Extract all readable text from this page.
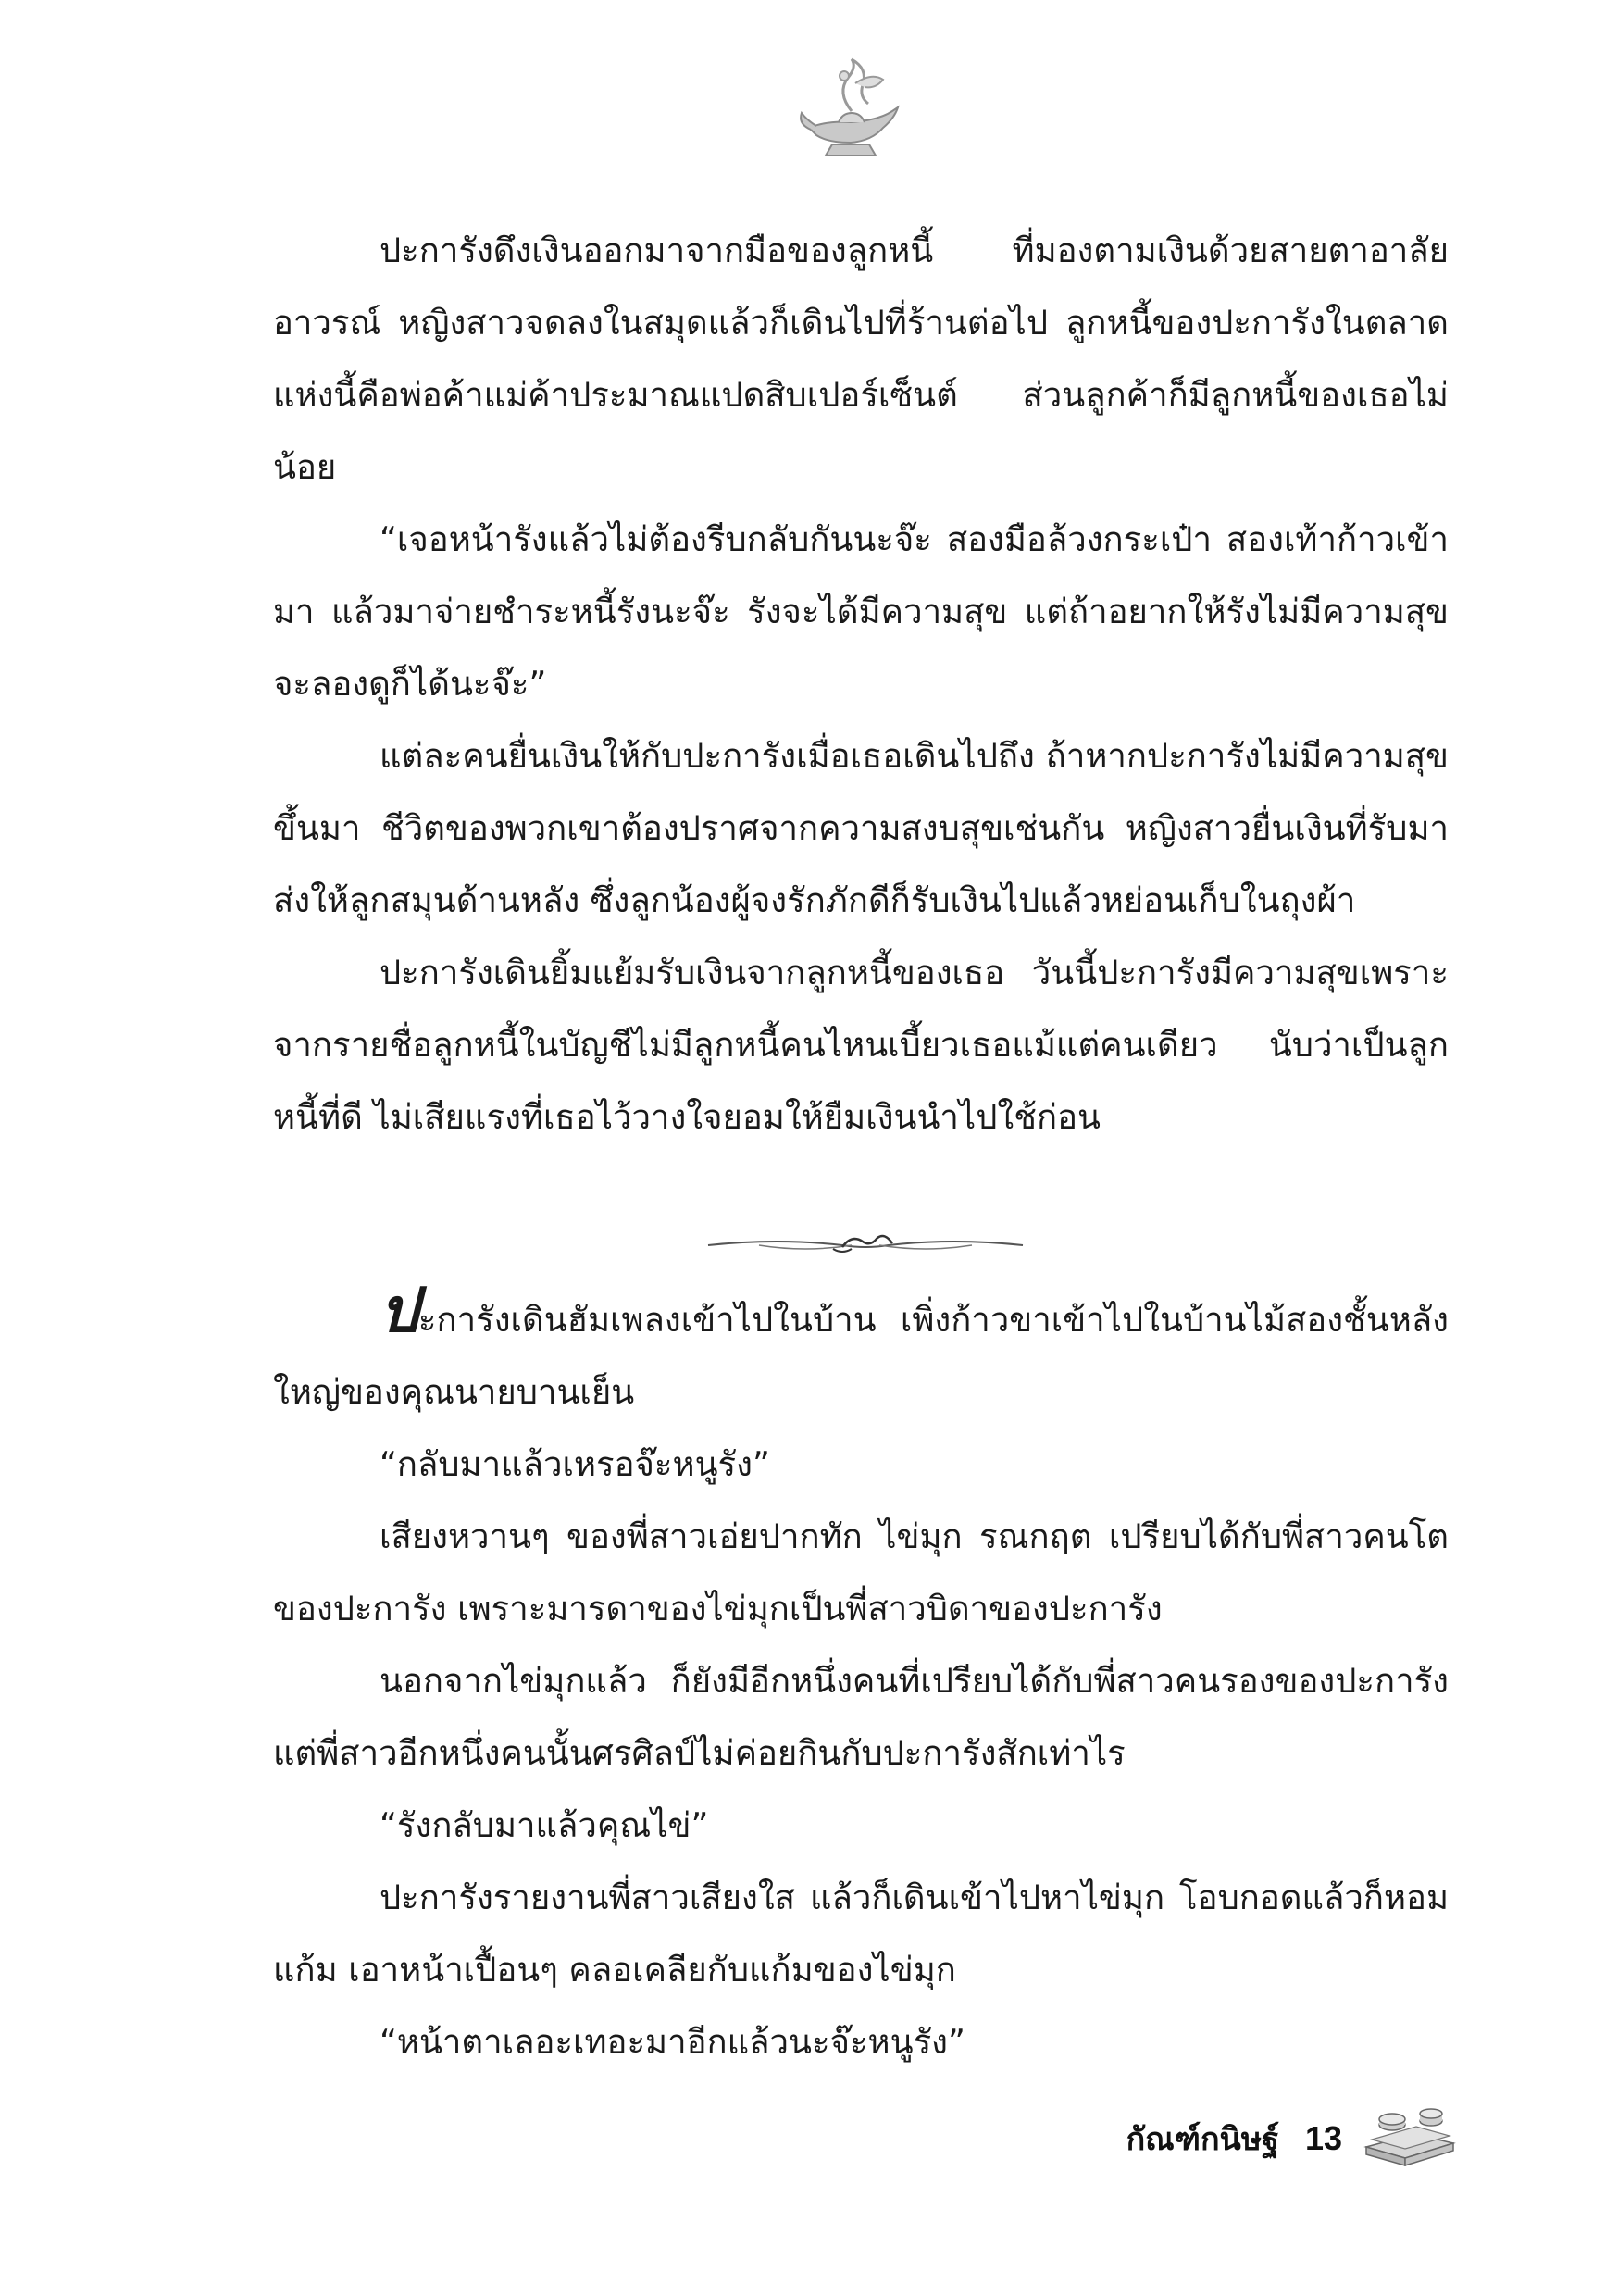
ปะการังดึงเงินออกมาจากมือของลูกหนี้ ที่มองตามเงินด้วยสายตาอาลัยอาวรณ์ หญิงสาวจดลงในสมุดแล้วก็เดินไปที่ร้านต่อไป ลูกหนี้ของปะการังในตลาดแห่งนี้คือพ่อค้าแม่ค้าประมาณแปดสิบเปอร์เซ็นต์ ส่วนลูกค้าก็มีลูกหนี้ของเธอไม่น้อย

“เจอหน้ารังแล้วไม่ต้องรีบกลับกันนะจ๊ะ สองมือล้วงกระเป๋า สองเท้าก้าวเข้ามา แล้วมาจ่ายชำระหนี้รังนะจ๊ะ รังจะได้มีความสุข แต่ถ้าอยากให้รังไม่มีความสุขจะลองดูก็ได้นะจ๊ะ”

แต่ละคนยื่นเงินให้กับปะการังเมื่อเธอเดินไปถึง ถ้าหากปะการังไม่มีความสุขขึ้นมา ชีวิตของพวกเขาต้องปราศจากความสงบสุขเช่นกัน หญิงสาวยื่นเงินที่รับมาส่งให้ลูกสมุนด้านหลัง ซึ่งลูกน้องผู้จงรักภักดีก็รับเงินไปแล้วหย่อนเก็บในถุงผ้า

ปะการังเดินยิ้มแย้มรับเงินจากลูกหนี้ของเธอ วันนี้ปะการังมีความสุขเพราะจากรายชื่อลูกหนี้ในบัญชีไม่มีลูกหนี้คนไหนเบี้ยวเธอแม้แต่คนเดียว นับว่าเป็นลูกหนี้ที่ดี ไม่เสียแรงที่เธอไว้วางใจยอมให้ยืมเงินนำไปใช้ก่อน

ปะการังเดินฮัมเพลงเข้าไปในบ้าน เพิ่งก้าวขาเข้าไปในบ้านไม้สองชั้นหลังใหญ่ของคุณนายบานเย็น

“กลับมาแล้วเหรอจ๊ะหนูรัง”

เสียงหวานๆ ของพี่สาวเอ่ยปากทัก ไข่มุก รณกฤต เปรียบได้กับพี่สาวคนโตของปะการัง เพราะมารดาของไข่มุกเป็นพี่สาวบิดาของปะการัง

นอกจากไข่มุกแล้ว ก็ยังมีอีกหนึ่งคนที่เปรียบได้กับพี่สาวคนรองของปะการัง แต่พี่สาวอีกหนึ่งคนนั้นศรศิลป์ไม่ค่อยกินกับปะการังสักเท่าไร

“รังกลับมาแล้วคุณไข่”

ปะการังรายงานพี่สาวเสียงใส แล้วก็เดินเข้าไปหาไข่มุก โอบกอดแล้วก็หอมแก้ม เอาหน้าเปื้อนๆ คลอเคลียกับแก้มของไข่มุก

“หน้าตาเลอะเทอะมาอีกแล้วนะจ๊ะหนูรัง”

กัณฑ์กนิษฐ์ 13
